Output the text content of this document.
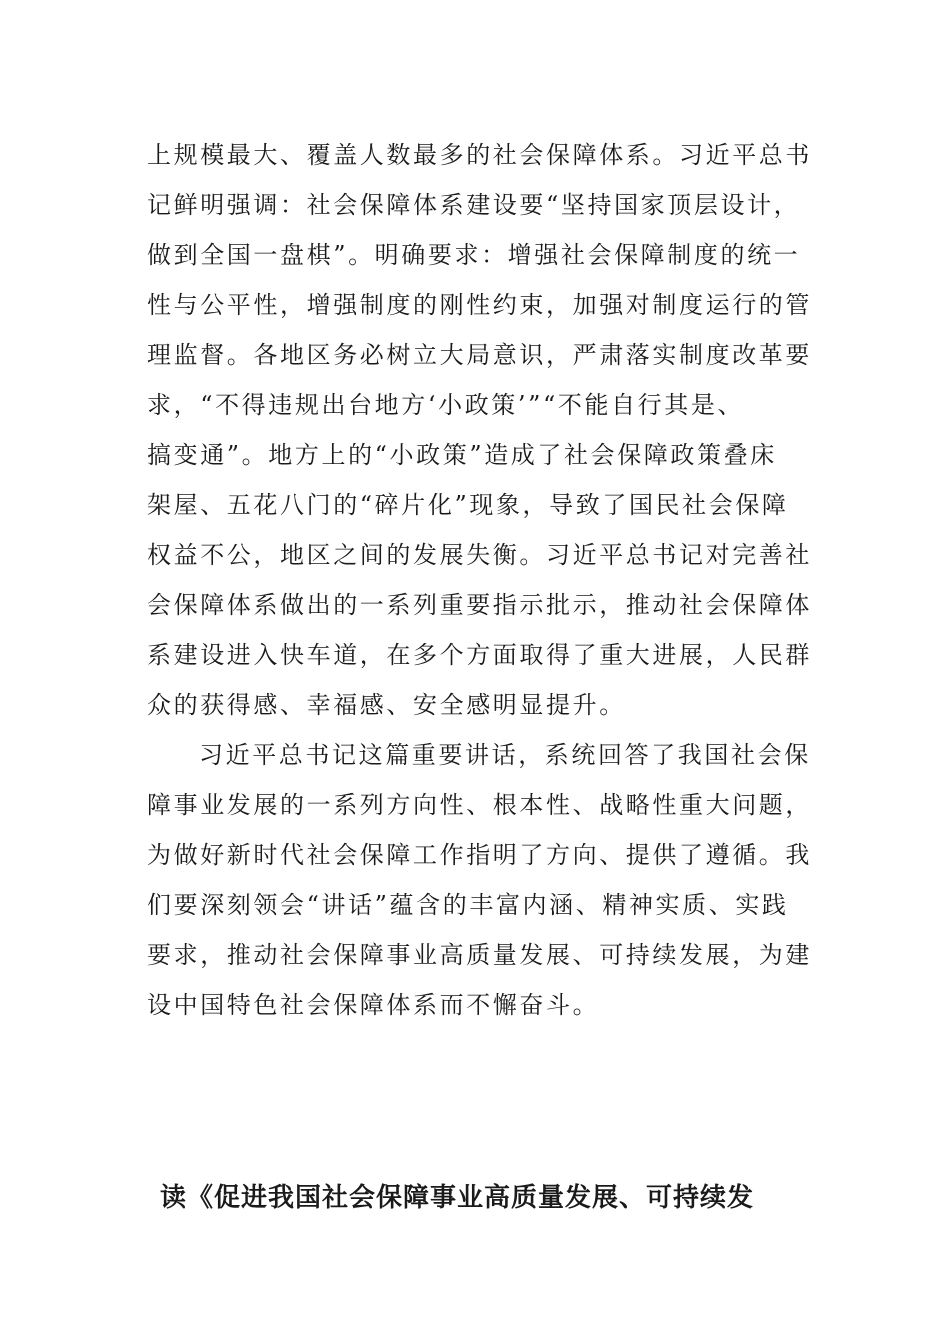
上规模最大、覆盖人数最多的社会保障体系。习近平总书
记鲜明强调：社会保障体系建设要“坚持国家顶层设计，
做到全国一盘棋”。明确要求：增强社会保障制度的统一
性与公平性，增强制度的刚性约束，加强对制度运行的管
理监督。各地区务必树立大局意识，严肃落实制度改革要
求，“不得违规出台地方‘小政策’”“不能自行其是、
搞变通”。地方上的“小政策”造成了社会保障政策叠床
架屋、五花八门的“碎片化”现象，导致了国民社会保障
权益不公，地区之间的发展失衡。习近平总书记对完善社
会保障体系做出的一系列重要指示批示，推动社会保障体
系建设进入快车道，在多个方面取得了重大进展，人民群
众的获得感、幸福感、安全感明显提升。
习近平总书记这篇重要讲话，系统回答了我国社会保
障事业发展的一系列方向性、根本性、战略性重大问题，
为做好新时代社会保障工作指明了方向、提供了遵循。我
们要深刻领会“讲话”蕴含的丰富内涵、精神实质、实践
要求，推动社会保障事业高质量发展、可持续发展，为建
设中国特色社会保障体系而不懈奋斗。
读《促进我国社会保障事业高质量发展、可持续发
